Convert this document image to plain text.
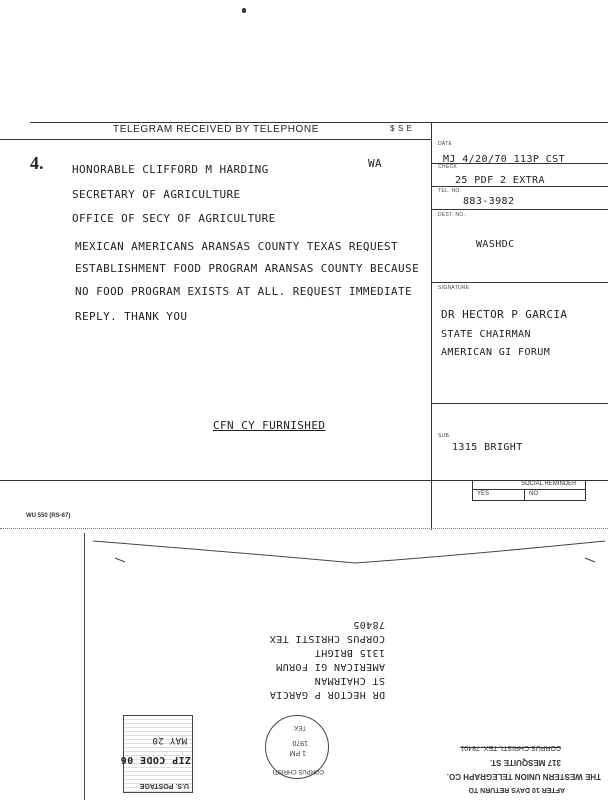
TELEGRAM RECEIVED BY TELEPHONE	$ S E
4.	HONORABLE CLIFFORD M HARDING	WA
SECRETARY OF AGRICULTURE
OFFICE OF SECY OF AGRICULTURE
MEXICAN AMERICANS ARANSAS COUNTY TEXAS REQUEST
ESTABLISHMENT FOOD PROGRAM ARANSAS COUNTY BECAUSE
NO FOOD PROGRAM EXISTS AT ALL. REQUEST IMMEDIATE
REPLY. THANK YOU
CFN CY FURNISHED
WU 550 (RS-67)
DATE
MJ 4/20/70 113P CST
CHECK
25 PDF 2 EXTRA
TEL. NO.
883-3982
DEST. NO.
WASHDC
SIGNATURE
DR HECTOR P GARCIA
STATE CHAIRMAN
AMERICAN GI FORUM
SUB.
1315 BRIGHT
SOCIAL REMINDER
YES	NO
DR HECTOR P GARCIA
ST CHAIRMAN
AMERICAN GI FORUM
1315 BRIGHT
CORPUS CHRISTI TEX
78405
U.S. POSTAGE
ZIP CODE 06
MAY 20
CORPUS CHRISTI
1 PM
1970
TEX.
AFTER 10 DAYS RETURN TO
THE WESTERN UNION TELEGRAPH CO.
317 MESQUITE ST.
CORPUS CHRISTI, TEX. 78401
